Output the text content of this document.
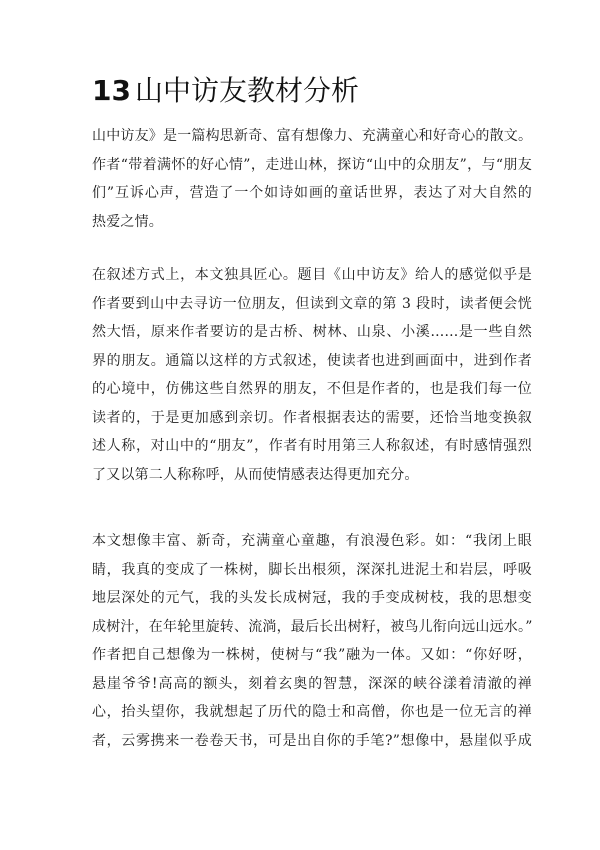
13 山中访友教材分析
山中访友》是一篇构思新奇、富有想像力、充满童心和好奇心的散文。
作者“带着满怀的好心情”，走进山林，探访“山中的众朋友”，与“朋友
们”互诉心声，营造了一个如诗如画的童话世界，表达了对大自然的
热爱之情。
在叙述方式上，本文独具匠心。题目《山中访友》给人的感觉似乎是
作者要到山中去寻访一位朋友，但读到文章的第 3 段时，读者便会恍
然大悟，原来作者要访的是古桥、树林、山泉、小溪......是一些自然
界的朋友。通篇以这样的方式叙述，使读者也进到画面中，进到作者
的心境中，仿佛这些自然界的朋友，不但是作者的，也是我们每一位
读者的，于是更加感到亲切。作者根据表达的需要，还恰当地变换叙
述人称，对山中的“朋友”，作者有时用第三人称叙述，有时感情强烈
了又以第二人称称呼，从而使情感表达得更加充分。
本文想像丰富、新奇，充满童心童趣，有浪漫色彩。如：“我闭上眼
睛，我真的变成了一株树，脚长出根须，深深扎进泥土和岩层，呼吸
地层深处的元气，我的头发长成树冠，我的手变成树枝，我的思想变
成树汁，在年轮里旋转、流淌，最后长出树籽，被鸟儿衔向远山远水。”
作者把自己想像为一株树，使树与“我”融为一体。又如：“你好呀，
悬崖爷爷!高高的额头，刻着玄奥的智慧，深深的峡谷漾着清澈的禅
心，抬头望你，我就想起了历代的隐士和高僧，你也是一位无言的禅
者，云雾携来一卷卷天书，可是出自你的手笔?”想像中，悬崖似乎成
